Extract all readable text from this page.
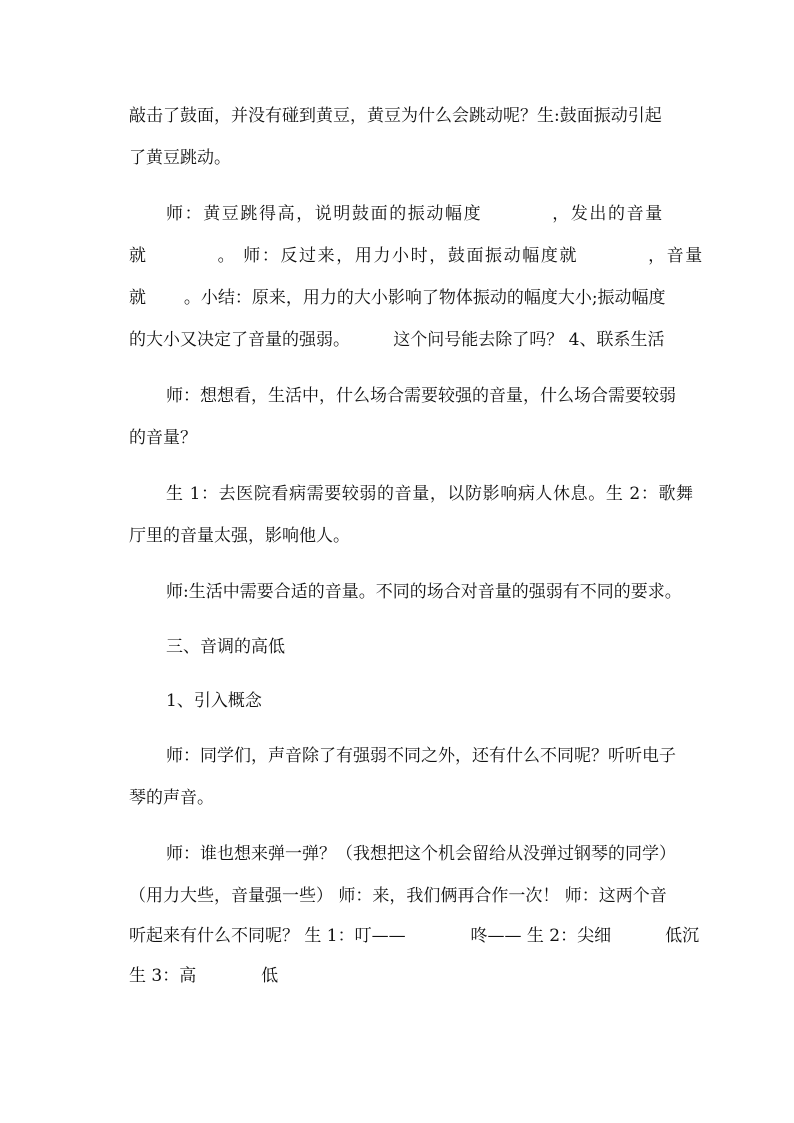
敲击了鼓面，并没有碰到黄豆，黄豆为什么会跳动呢？生:鼓面振动引起
了黄豆跳动。
师：黄豆跳得高，说明鼓面的振动幅度          ，发出的音量
就          。 师：反过来，用力小时，鼓面振动幅度就          ，音量
就       。小结：原来，用力的大小影响了物体振动的幅度大小;振动幅度
的大小又决定了音量的强弱。        这个问号能去除了吗？ 4、联系生活
师：想想看，生活中，什么场合需要较强的音量，什么场合需要较弱
的音量？
生 1：去医院看病需要较弱的音量，以防影响病人休息。生 2：歌舞
厅里的音量太强，影响他人。
师:生活中需要合适的音量。不同的场合对音量的强弱有不同的要求。
三、音调的高低
1、引入概念
师：同学们，声音除了有强弱不同之外，还有什么不同呢？听听电子
琴的声音。
师：谁也想来弹一弹？（我想把这个机会留给从没弹过钢琴的同学）
（用力大些，音量强一些） 师：来，我们俩再合作一次！ 师：这两个音
听起来有什么不同呢？ 生 1：叮——            咚—— 生 2：尖细          低沉
生 3：高            低
